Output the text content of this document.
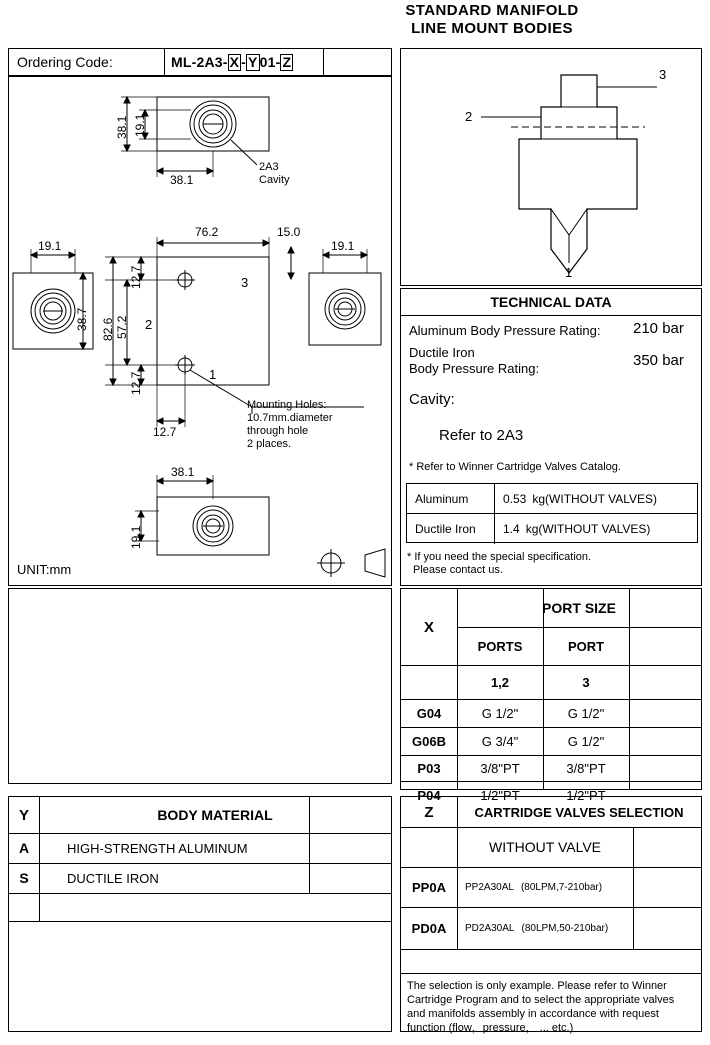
STANDARD MANIFOLD
LINE MOUNT BODIES
Ordering Code:	ML-2A3- X - Y 01- Z
38.1 19.1
38.1
19.1
38.7
12.7
57.2
82.6
12.7
76.2	15.0
19.1
12.7
38.1
19.1
3
2
1
2A3
Cavity
Mounting Holes:
10.7mm.diameter
through hole
2 places.
UNIT:mm
3
2
1
TECHNICAL DATA
Aluminum Body Pressure Rating: 210 bar
Ductile Iron
Body Pressure Rating:	350 bar
Cavity:
Refer to 2A3
* Refer to Winner Cartridge Valves Catalog.
Aluminum	0.53 kg(WITHOUT VALVES)
Ductile Iron	1.4 kg(WITHOUT VALVES)
* If you need the special specification.
Please contact us.
PORT SIZE
X
PORTS	PORT
1,2	3
G04	G 1/2"	G 1/2"
G06B	G 3/4"	G 1/2"
P03	3/8"PT	3/8"PT
P04	1/2"PT	1/2"PT
Y	BODY MATERIAL
A	HIGH-STRENGTH ALUMINUM
S	DUCTILE IRON
Z	CARTRIDGE VALVES SELECTION
WITHOUT VALVE
PP0A	PP2A30AL (80LPM,7-210bar)
PD0A	PD2A30AL (80LPM,50-210bar)
The selection is only example. Please refer to Winner
Cartridge Program and to select the appropriate valves
and manifolds assembly in accordance with request
function (flow，pressure， ... etc.)
